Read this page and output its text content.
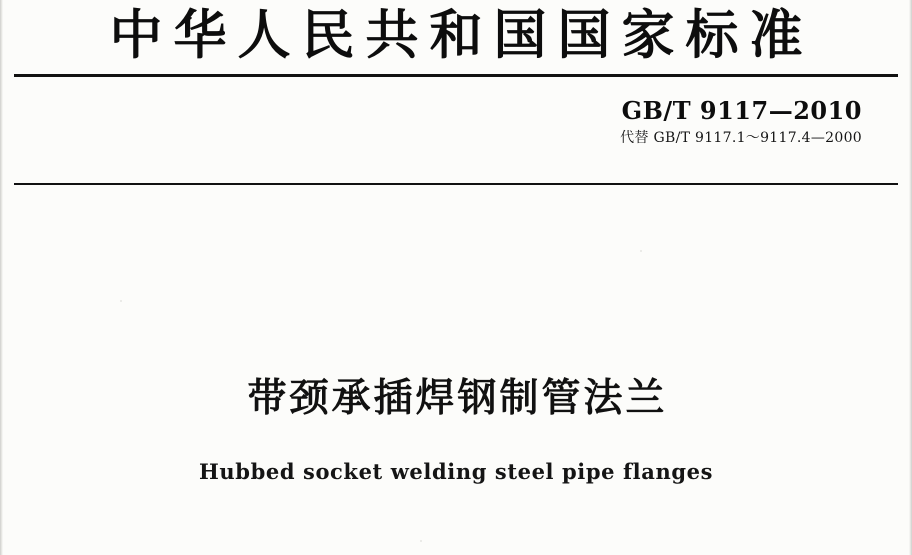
中华人民共和国国家标准
GB/T 9117—2010
代替 GB/T 9117.1～9117.4—2000
带颈承插焊钢制管法兰
Hubbed socket welding steel pipe flanges
